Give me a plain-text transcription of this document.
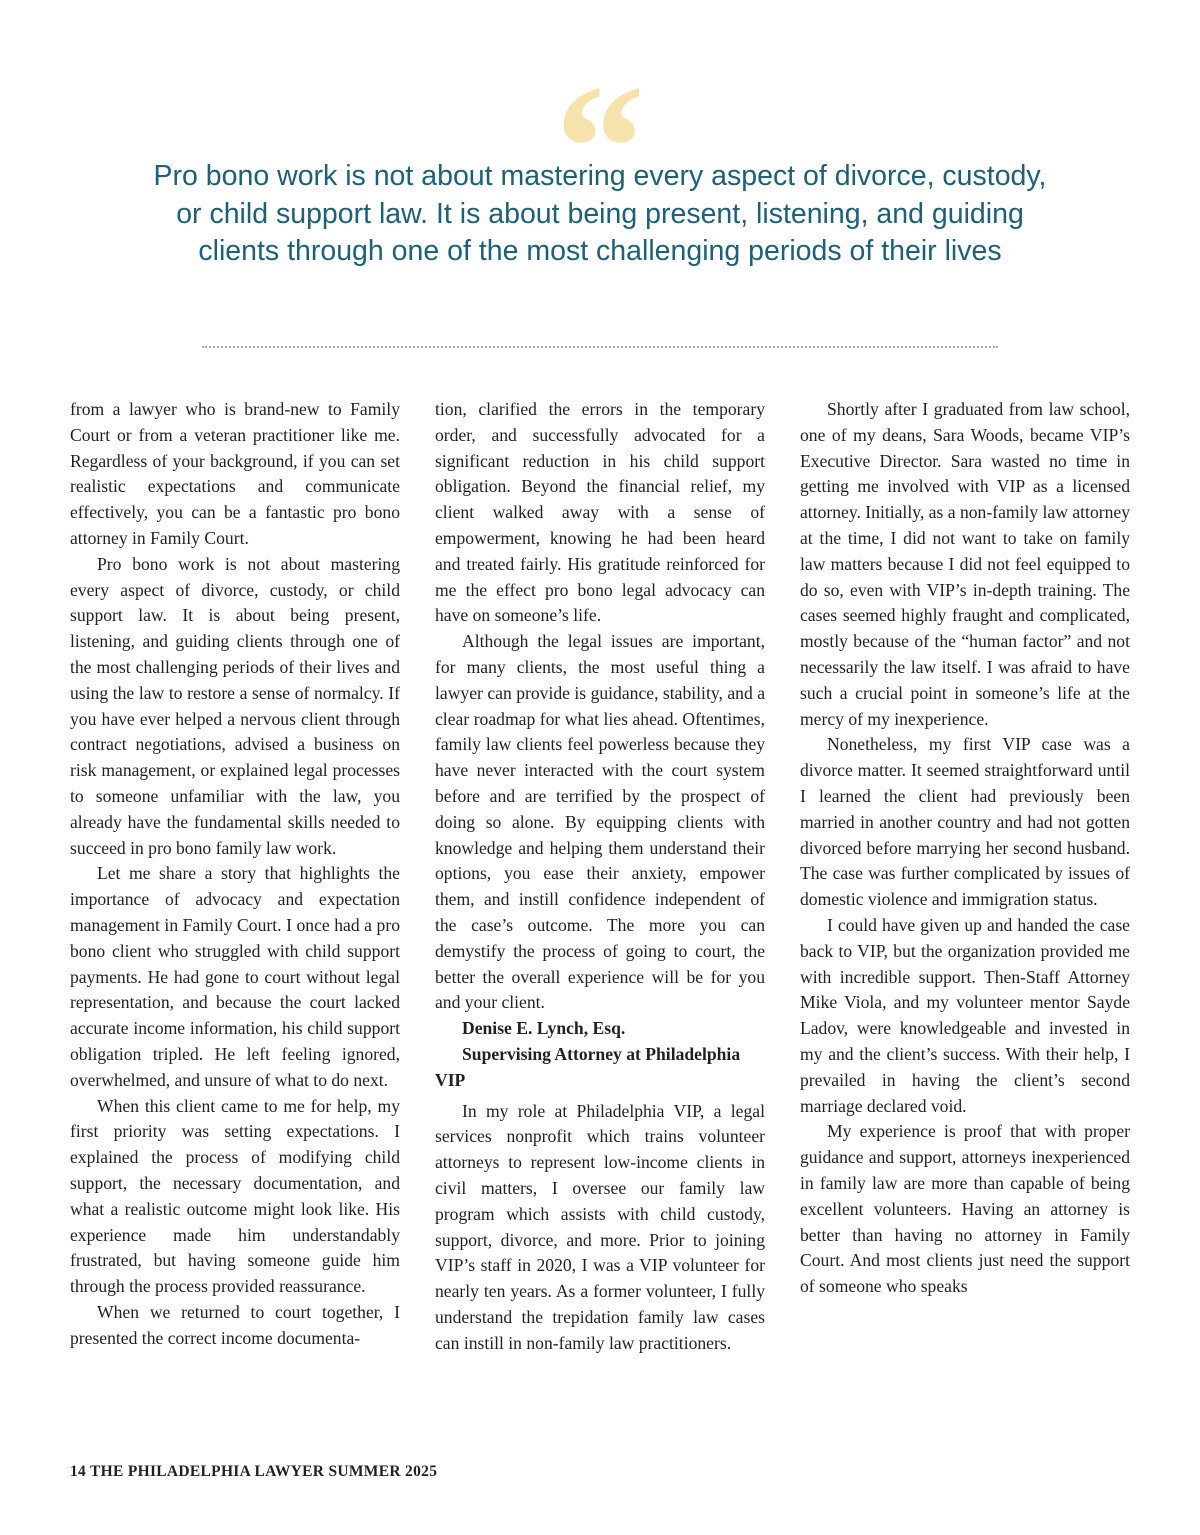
“
Pro bono work is not about mastering every aspect of divorce, custody, or child support law. It is about being present, listening, and guiding clients through one of the most challenging periods of their lives

from a lawyer who is brand-new to Family Court or from a veteran practitioner like me. Regardless of your background, if you can set realistic expectations and communicate effectively, you can be a fantastic pro bono attorney in Family Court.

Pro bono work is not about mastering every aspect of divorce, custody, or child support law. It is about being present, listening, and guiding clients through one of the most challenging periods of their lives and using the law to restore a sense of normalcy. If you have ever helped a nervous client through contract negotiations, advised a business on risk management, or explained legal processes to someone unfamiliar with the law, you already have the fundamental skills needed to succeed in pro bono family law work.

Let me share a story that highlights the importance of advocacy and expectation management in Family Court. I once had a pro bono client who struggled with child support payments. He had gone to court without legal representation, and because the court lacked accurate income information, his child support obligation tripled. He left feeling ignored, overwhelmed, and unsure of what to do next.

When this client came to me for help, my first priority was setting expectations. I explained the process of modifying child support, the necessary documentation, and what a realistic outcome might look like. His experience made him understandably frustrated, but having someone guide him through the process provided reassurance.

When we returned to court together, I presented the correct income documenta-

tion, clarified the errors in the temporary order, and successfully advocated for a significant reduction in his child support obligation. Beyond the financial relief, my client walked away with a sense of empowerment, knowing he had been heard and treated fairly. His gratitude reinforced for me the effect pro bono legal advocacy can have on someone’s life.

Although the legal issues are important, for many clients, the most useful thing a lawyer can provide is guidance, stability, and a clear roadmap for what lies ahead. Oftentimes, family law clients feel powerless because they have never interacted with the court system before and are terrified by the prospect of doing so alone. By equipping clients with knowledge and helping them understand their options, you ease their anxiety, empower them, and instill confidence independent of the case’s outcome. The more you can demystify the process of going to court, the better the overall experience will be for you and your client.

Denise E. Lynch, Esq.

Supervising Attorney at Philadelphia VIP

In my role at Philadelphia VIP, a legal services nonprofit which trains volunteer attorneys to represent low-income clients in civil matters, I oversee our family law program which assists with child custody, support, divorce, and more. Prior to joining VIP’s staff in 2020, I was a VIP volunteer for nearly ten years. As a former volunteer, I fully understand the trepidation family law cases can instill in non-family law practitioners.

Shortly after I graduated from law school, one of my deans, Sara Woods, became VIP’s Executive Director. Sara wasted no time in getting me involved with VIP as a licensed attorney. Initially, as a non-family law attorney at the time, I did not want to take on family law matters because I did not feel equipped to do so, even with VIP’s in-depth training. The cases seemed highly fraught and complicated, mostly because of the “human factor” and not necessarily the law itself. I was afraid to have such a crucial point in someone’s life at the mercy of my inexperience.

Nonetheless, my first VIP case was a divorce matter. It seemed straightforward until I learned the client had previously been married in another country and had not gotten divorced before marrying her second husband. The case was further complicated by issues of domestic violence and immigration status.

I could have given up and handed the case back to VIP, but the organization provided me with incredible support. Then-Staff Attorney Mike Viola, and my volunteer mentor Sayde Ladov, were knowledgeable and invested in my and the client’s success. With their help, I prevailed in having the client’s second marriage declared void.

My experience is proof that with proper guidance and support, attorneys inexperienced in family law are more than capable of being excellent volunteers. Having an attorney is better than having no attorney in Family Court. And most clients just need the support of someone who speaks

14 THE PHILADELPHIA LAWYER SUMMER 2025
